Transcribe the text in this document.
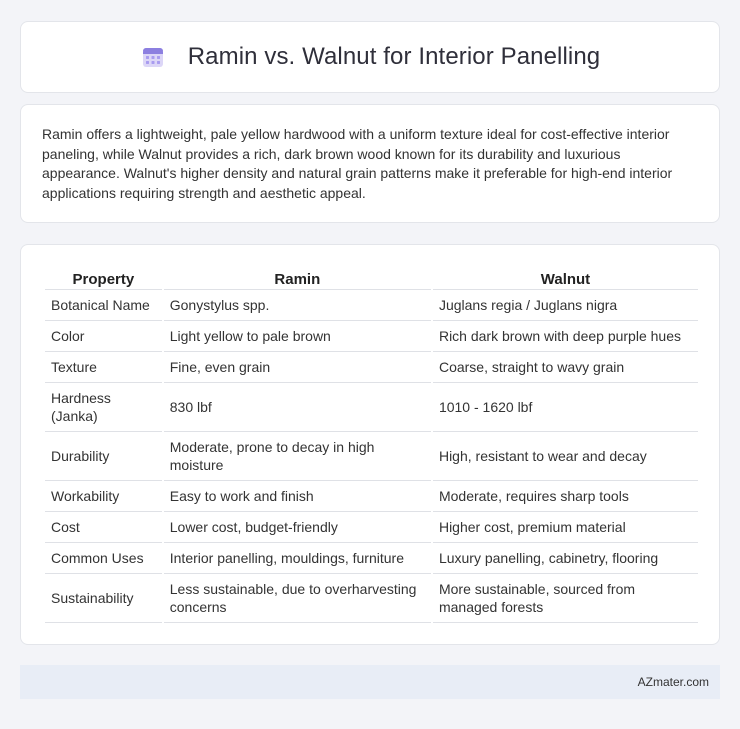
Ramin vs. Walnut for Interior Panelling

Ramin offers a lightweight, pale yellow hardwood with a uniform texture ideal for cost-effective interior paneling, while Walnut provides a rich, dark brown wood known for its durability and luxurious appearance. Walnut's higher density and natural grain patterns make it preferable for high-end interior applications requiring strength and aesthetic appeal.

Property	Ramin	Walnut
Botanical Name	Gonystylus spp.	Juglans regia / Juglans nigra
Color	Light yellow to pale brown	Rich dark brown with deep purple hues
Texture	Fine, even grain	Coarse, straight to wavy grain
Hardness (Janka)	830 lbf	1010 - 1620 lbf
Durability	Moderate, prone to decay in high moisture	High, resistant to wear and decay
Workability	Easy to work and finish	Moderate, requires sharp tools
Cost	Lower cost, budget-friendly	Higher cost, premium material
Common Uses	Interior panelling, mouldings, furniture	Luxury panelling, cabinetry, flooring
Sustainability	Less sustainable, due to overharvesting concerns	More sustainable, sourced from managed forests
AZmater.com
